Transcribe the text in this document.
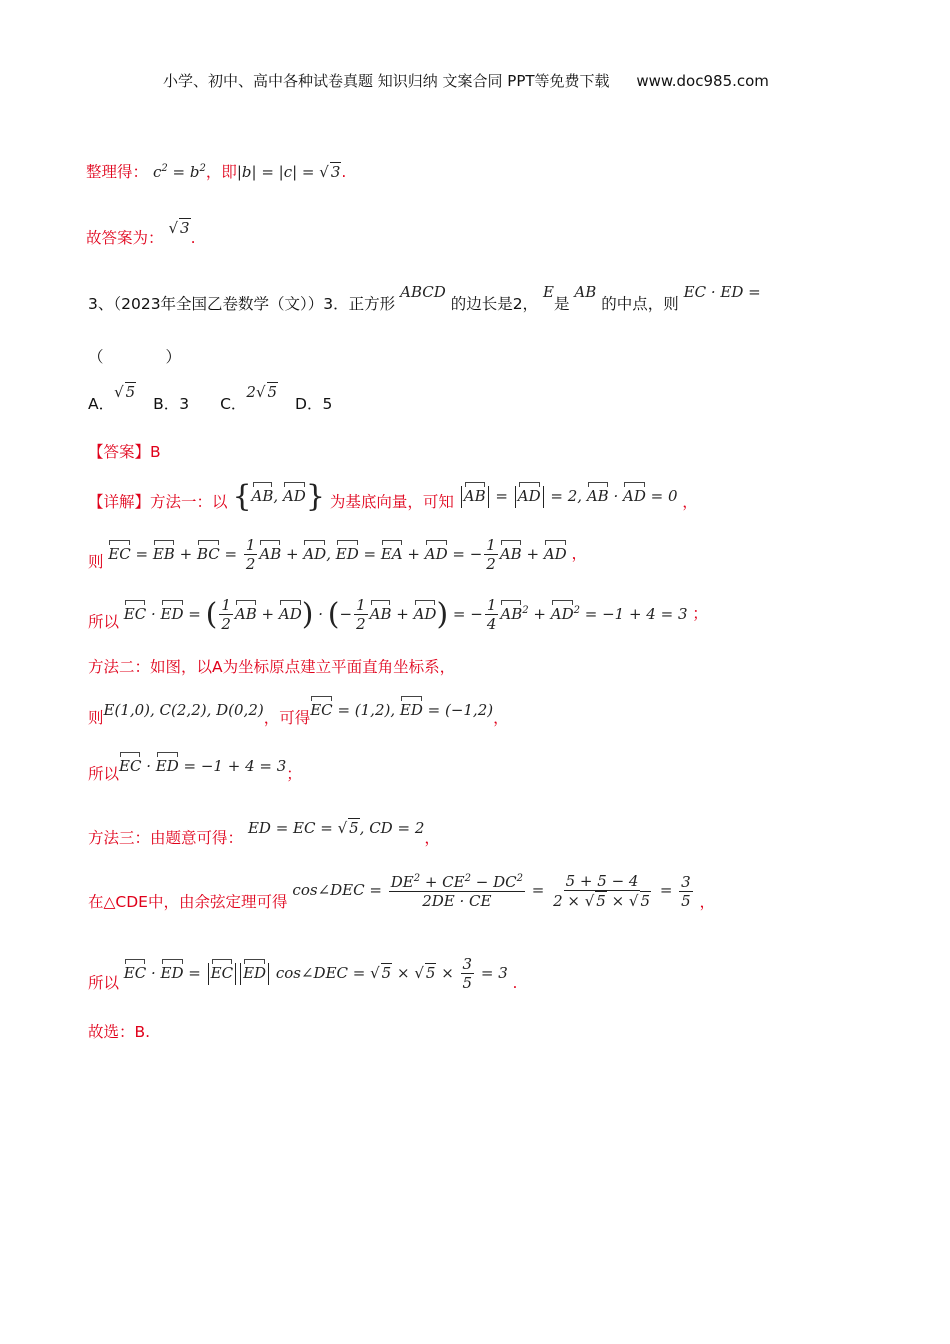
小学、初中、高中各种试卷真题 知识归纳 文案合同 PPT等免费下载 www.doc985.com
整理得： $c^2 = b^2$，即|b| = |c| = √ 3.
故答案为： √ 3.
3、（2023年全国乙卷数学（文））3．正方形 ABCD 的边长是2， E是 AB 的中点，则 EC · ED =
（　　　　）
A．√ 5 B．3 C．2√ 5 D．5
【答案】B
【详解】方法一：以 {AB, AD} 为基底向量，可知 AB = AD = 2, AB · AD = 0 ，
则 EC = EB + BC = $\frac{1}{2}$ AB + AD, ED = EA + AD = − $\frac{1}{2}$ AB + AD ，
所以 EC · ED = ( $\frac{1}{2}$ AB + AD) · (− $\frac{1}{2}$ AB + AD) = − $\frac{1}{4} AB^2 + AD^2 = -1 + 4 = 3$ ；
方法二：如图，以A为坐标原点建立平面直角坐标系，
则E(1,0), C(2,2), D(0,2)，可得EC = (1,2), ED = (−1,2)，
所以EC · ED = −1 + 4 = 3；
方法三：由题意可得： ED = EC = √ 5, CD = 2，
在△CDE中，由余弦定理可得 cos∠DEC = $\frac{DE^2 + CE^2 - DC^2}{2DE \cdot CE} = \frac{5 + 5 - 4}{2 \times √ 5 \times √ 5} = \frac{3}{5}$ ，
所以 EC · ED = EC ED cos∠DEC = √ 5 × √ $5 \times \frac{3}{5} = 3$ .
故选：B.
